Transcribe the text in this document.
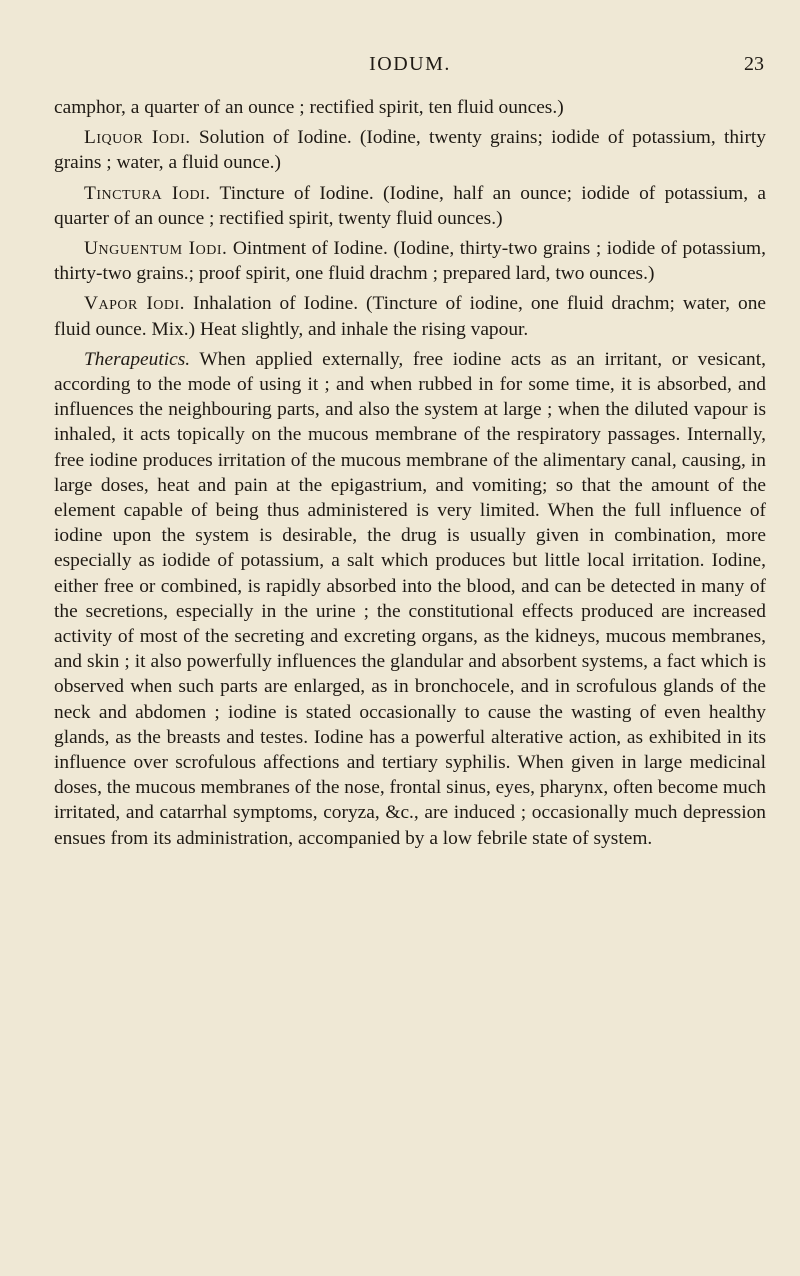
IODUM.	23

camphor, a quarter of an ounce ; rectified spirit, ten fluid ounces.)

Liquor Iodi. Solution of Iodine. (Iodine, twenty grains; iodide of potassium, thirty grains ; water, a fluid ounce.)

Tinctura Iodi. Tincture of Iodine. (Iodine, half an ounce; iodide of potassium, a quarter of an ounce ; rectified spirit, twenty fluid ounces.)

Unguentum Iodi. Ointment of Iodine. (Iodine, thirty-two grains ; iodide of potassium, thirty-two grains.; proof spirit, one fluid drachm ; prepared lard, two ounces.)

Vapor Iodi. Inhalation of Iodine. (Tincture of iodine, one fluid drachm; water, one fluid ounce. Mix.) Heat slightly, and inhale the rising vapour.

Therapeutics. When applied externally, free iodine acts as an irritant, or vesicant, according to the mode of using it ; and when rubbed in for some time, it is absorbed, and influences the neighbouring parts, and also the system at large ; when the diluted vapour is inhaled, it acts topically on the mucous membrane of the respiratory passages. Internally, free iodine produces irritation of the mucous membrane of the alimentary canal, causing, in large doses, heat and pain at the epigastrium, and vomiting; so that the amount of the element capable of being thus administered is very limited. When the full influence of iodine upon the system is desirable, the drug is usually given in combination, more especially as iodide of potassium, a salt which produces but little local irritation. Iodine, either free or combined, is rapidly absorbed into the blood, and can be detected in many of the secretions, especially in the urine ; the constitutional effects produced are increased activity of most of the secreting and excreting organs, as the kidneys, mucous membranes, and skin ; it also powerfully influences the glandular and absorbent systems, a fact which is observed when such parts are enlarged, as in bronchocele, and in scrofulous glands of the neck and abdomen ; iodine is stated occasionally to cause the wasting of even healthy glands, as the breasts and testes. Iodine has a powerful alterative action, as exhibited in its influence over scrofulous affections and tertiary syphilis. When given in large medicinal doses, the mucous membranes of the nose, frontal sinus, eyes, pharynx, often become much irritated, and catarrhal symptoms, coryza, &c., are induced ; occasionally much depression ensues from its administration, accompanied by a low febrile state of system.
